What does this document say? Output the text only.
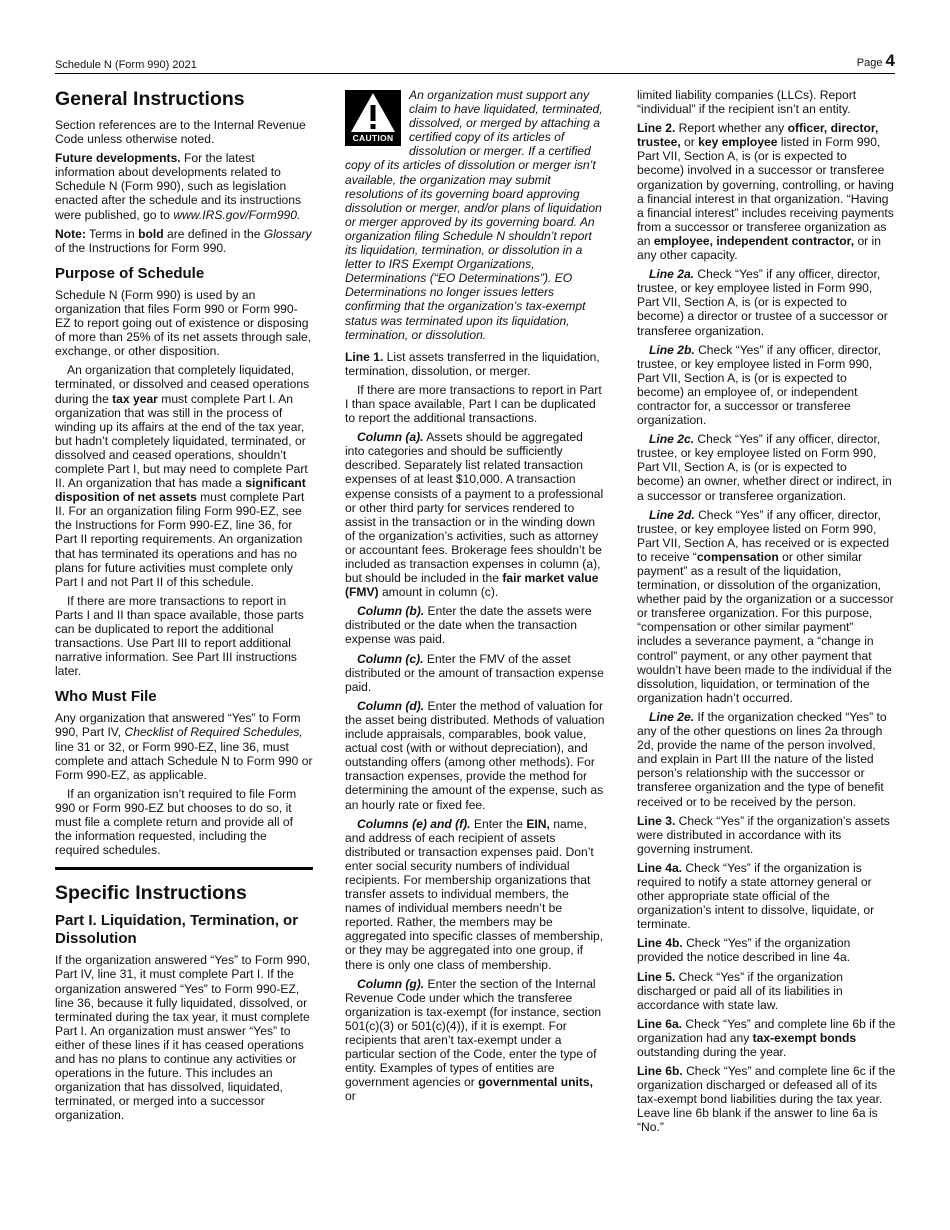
Schedule N (Form 990) 2021	Page 4
General Instructions

Section references are to the Internal Revenue Code unless otherwise noted.

Future developments. For the latest information about developments related to Schedule N (Form 990), such as legislation enacted after the schedule and its instructions were published, go to www.IRS.gov/Form990.

Note: Terms in bold are defined in the Glossary of the Instructions for Form 990.

Purpose of Schedule

Schedule N (Form 990) is used by an organization that files Form 990 or Form 990-EZ to report going out of existence or disposing of more than 25% of its net assets through sale, exchange, or other disposition.

An organization that completely liquidated, terminated, or dissolved and ceased operations during the tax year must complete Part I. An organization that was still in the process of winding up its affairs at the end of the tax year, but hadn’t completely liquidated, terminated, or dissolved and ceased operations, shouldn’t complete Part I, but may need to complete Part II. An organization that has made a significant disposition of net assets must complete Part II. For an organization filing Form 990-EZ, see the Instructions for Form 990-EZ, line 36, for Part II reporting requirements. An organization that has terminated its operations and has no plans for future activities must complete only Part I and not Part II of this schedule.

If there are more transactions to report in Parts I and II than space available, those parts can be duplicated to report the additional transactions. Use Part III to report additional narrative information. See Part III instructions later.

Who Must File

Any organization that answered “Yes” to Form 990, Part IV, Checklist of Required Schedules, line 31 or 32, or Form 990-EZ, line 36, must complete and attach Schedule N to Form 990 or Form 990-EZ, as applicable.

If an organization isn’t required to file Form 990 or Form 990-EZ but chooses to do so, it must file a complete return and provide all of the information requested, including the required schedules.

Specific Instructions
Part I. Liquidation, Termination, or Dissolution

If the organization answered “Yes” to Form 990, Part IV, line 31, it must complete Part I. If the organization answered “Yes” to Form 990-EZ, line 36, because it fully liquidated, dissolved, or terminated during the tax year, it must complete Part I. An organization must answer “Yes” to either of these lines if it has ceased operations and has no plans to continue any activities or operations in the future. This includes an organization that has dissolved, liquidated, terminated, or merged into a successor organization.

CAUTION
An organization must support any claim to have liquidated, terminated, dissolved, or merged by attaching a certified copy of its articles of dissolution or merger. If a certified copy of its articles of dissolution or merger isn’t available, the organization may submit resolutions of its governing board approving dissolution or merger, and/or plans of liquidation or merger approved by its governing board. An organization filing Schedule N shouldn’t report its liquidation, termination, or dissolution in a letter to IRS Exempt Organizations, Determinations (“EO Determinations”). EO Determinations no longer issues letters confirming that the organization’s tax-exempt status was terminated upon its liquidation, termination, or dissolution.

Line 1. List assets transferred in the liquidation, termination, dissolution, or merger.

If there are more transactions to report in Part I than space available, Part I can be duplicated to report the additional transactions.

Column (a). Assets should be aggregated into categories and should be sufficiently described. Separately list related transaction expenses of at least $10,000. A transaction expense consists of a payment to a professional or other third party for services rendered to assist in the transaction or in the winding down of the organization’s activities, such as attorney or accountant fees. Brokerage fees shouldn’t be included as transaction expenses in column (a), but should be included in the fair market value (FMV) amount in column (c).

Column (b). Enter the date the assets were distributed or the date when the transaction expense was paid.

Column (c). Enter the FMV of the asset distributed or the amount of transaction expense paid.

Column (d). Enter the method of valuation for the asset being distributed. Methods of valuation include appraisals, comparables, book value, actual cost (with or without depreciation), and outstanding offers (among other methods). For transaction expenses, provide the method for determining the amount of the expense, such as an hourly rate or fixed fee.

Columns (e) and (f). Enter the EIN, name, and address of each recipient of assets distributed or transaction expenses paid. Don’t enter social security numbers of individual recipients. For membership organizations that transfer assets to individual members, the names of individual members needn’t be reported. Rather, the members may be aggregated into specific classes of membership, or they may be aggregated into one group, if there is only one class of membership.

Column (g). Enter the section of the Internal Revenue Code under which the transferee organization is tax-exempt (for instance, section 501(c)(3) or 501(c)(4)), if it is exempt. For recipients that aren’t tax-exempt under a particular section of the Code, enter the type of entity. Examples of types of entities are government agencies or governmental units, or

limited liability companies (LLCs). Report “individual” if the recipient isn’t an entity.

Line 2. Report whether any officer, director, trustee, or key employee listed in Form 990, Part VII, Section A, is (or is expected to become) involved in a successor or transferee organization by governing, controlling, or having a financial interest in that organization. “Having a financial interest” includes receiving payments from a successor or transferee organization as an employee, independent contractor, or in any other capacity.

Line 2a. Check “Yes” if any officer, director, trustee, or key employee listed in Form 990, Part VII, Section A, is (or is expected to become) a director or trustee of a successor or transferee organization.

Line 2b. Check “Yes” if any officer, director, trustee, or key employee listed in Form 990, Part VII, Section A, is (or is expected to become) an employee of, or independent contractor for, a successor or transferee organization.

Line 2c. Check “Yes” if any officer, director, trustee, or key employee listed on Form 990, Part VII, Section A, is (or is expected to become) an owner, whether direct or indirect, in a successor or transferee organization.

Line 2d. Check “Yes” if any officer, director, trustee, or key employee listed on Form 990, Part VII, Section A, has received or is expected to receive “compensation or other similar payment” as a result of the liquidation, termination, or dissolution of the organization, whether paid by the organization or a successor or transferee organization. For this purpose, “compensation or other similar payment” includes a severance payment, a “change in control” payment, or any other payment that wouldn’t have been made to the individual if the dissolution, liquidation, or termination of the organization hadn’t occurred.

Line 2e. If the organization checked “Yes” to any of the other questions on lines 2a through 2d, provide the name of the person involved, and explain in Part III the nature of the listed person’s relationship with the successor or transferee organization and the type of benefit received or to be received by the person.

Line 3. Check “Yes” if the organization’s assets were distributed in accordance with its governing instrument.

Line 4a. Check “Yes” if the organization is required to notify a state attorney general or other appropriate state official of the organization’s intent to dissolve, liquidate, or terminate.

Line 4b. Check “Yes” if the organization provided the notice described in line 4a.

Line 5. Check “Yes” if the organization discharged or paid all of its liabilities in accordance with state law.

Line 6a. Check “Yes” and complete line 6b if the organization had any tax-exempt bonds outstanding during the year.

Line 6b. Check “Yes” and complete line 6c if the organization discharged or defeased all of its tax-exempt bond liabilities during the tax year. Leave line 6b blank if the answer to line 6a is “No.”
